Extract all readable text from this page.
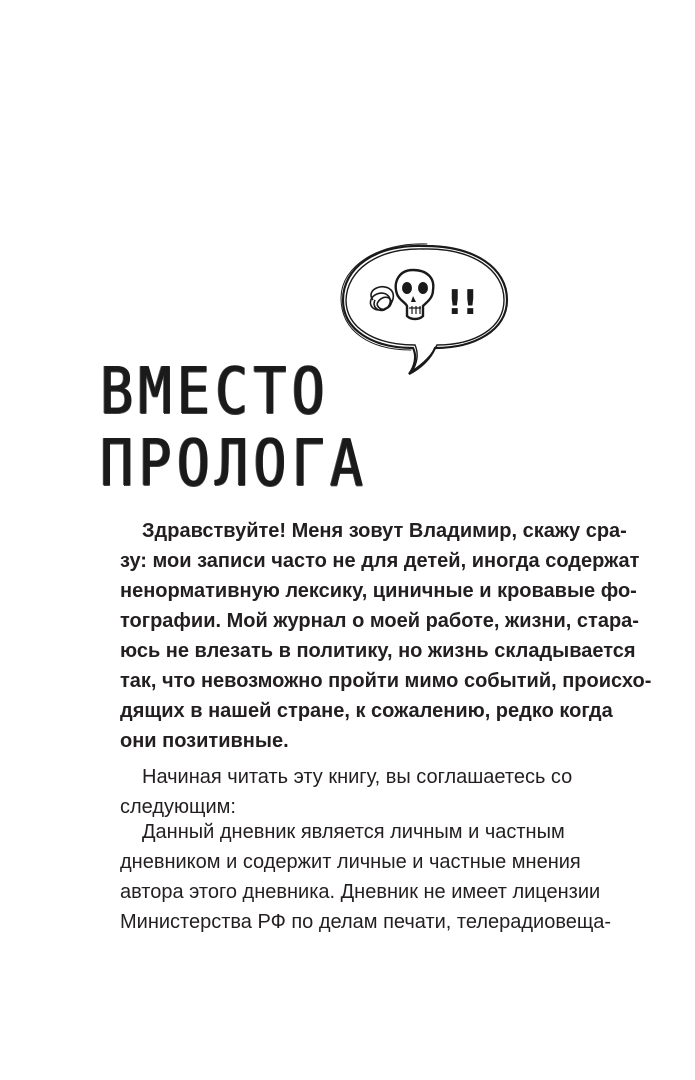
!!
ВМЕСТО
ПРОЛОГА
Здравствуйте! Меня зовут Владимир, скажу сра-
зу: мои записи часто не для детей, иногда содержат
ненормативную лексику, циничные и кровавые фо-
тографии. Мой журнал о моей работе, жизни, стара-
юсь не влезать в политику, но жизнь складывается
так, что невозможно пройти мимо событий, происхо-
дящих в нашей стране, к сожалению, редко когда
они позитивные.
Начиная читать эту книгу, вы соглашаетесь со
следующим:
Данный дневник является личным и частным
дневником и содержит личные и частные мнения
автора этого дневника. Дневник не имеет лицензии
Министерства РФ по делам печати, телерадиовеща-
